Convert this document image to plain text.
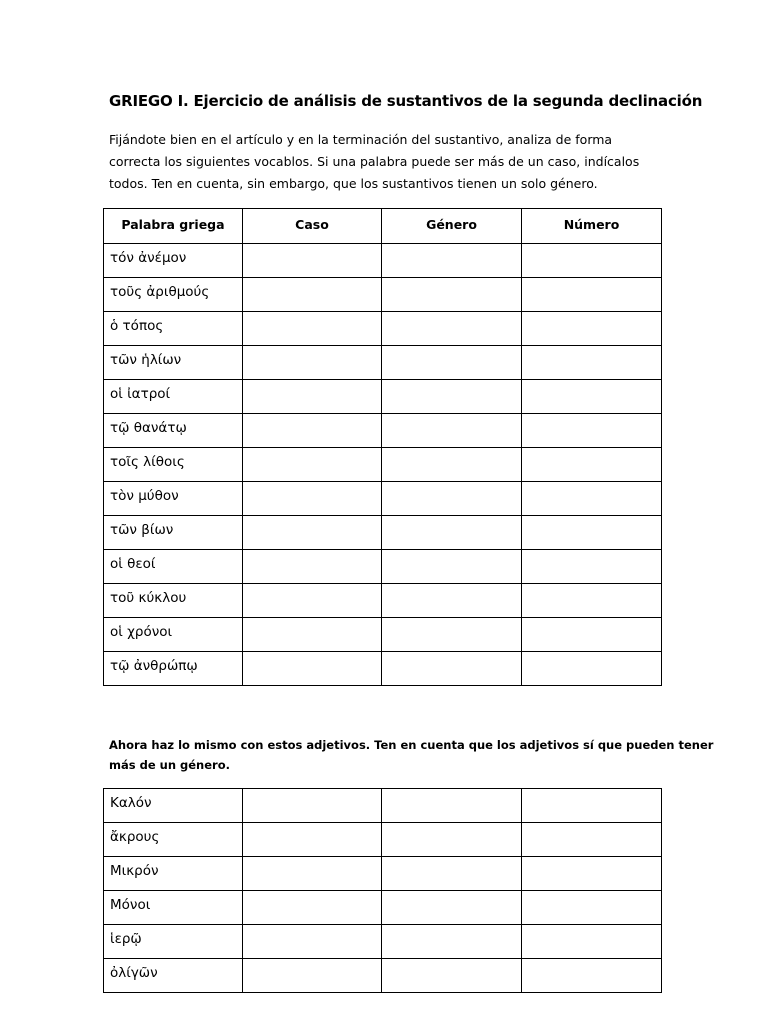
GRIEGO I. Ejercicio de análisis de sustantivos de la segunda declinación
Fijándote bien en el artículo y en la terminación del sustantivo, analiza de forma
correcta los siguientes vocablos. Si una palabra puede ser más de un caso, indícalos
todos. Ten en cuenta, sin embargo, que los sustantivos tienen un solo género.
Palabra griega	Caso	Género	Número
τόν ἀνέμον			
τοῦς ἀριθμούς			
ὁ τόπος			
τῶν ἡλίων			
οἱ ἰατροί			
τῷ θανάτῳ			
τοῖς λίθοις			
τὸν μύθον			
τῶν βίων			
οἱ θεοί			
τοῦ κύκλου			
οἱ χρόνοι			
τῷ ἀνθρώπῳ			
Ahora haz lo mismo con estos adjetivos. Ten en cuenta que los adjetivos sí que pueden tener
más de un género.
Καλόν			
ἄκρους			
Μικρόν			
Μόνοι			
ἱερῷ			
ὀλίγῶν			
